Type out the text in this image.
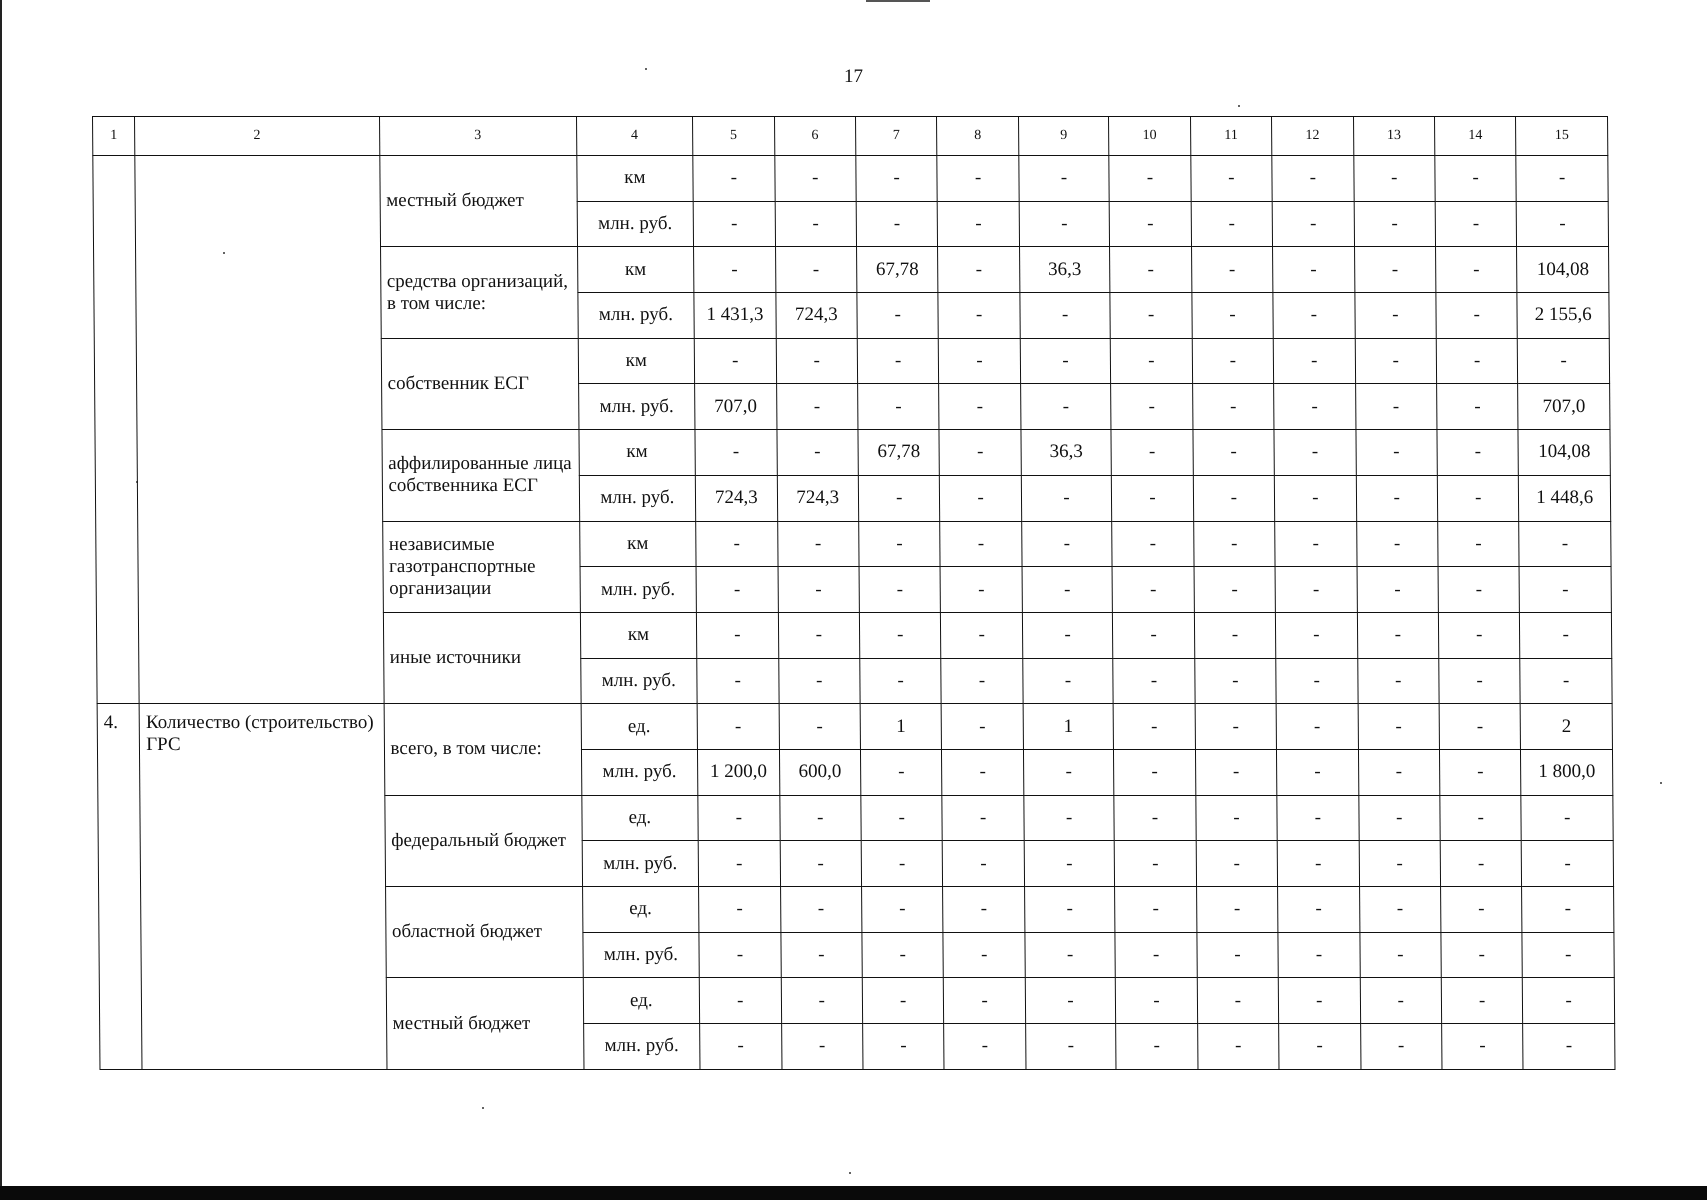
17
1	2	3	4	5	6	7	8	9	10	11	12	13	14	15
		местный бюджет	км	-	-	-	-	-	-	-	-	-	-	-
			млн. руб.	-	-	-	-	-	-	-	-	-	-	-
		средства организаций, в том числе:	км	-	-	67,78	-	36,3	-	-	-	-	-	104,08
			млн. руб.	1 431,3	724,3	-	-	-	-	-	-	-	-	2 155,6
		собственник ЕСГ	км	-	-	-	-	-	-	-	-	-	-	-
			млн. руб.	707,0	-	-	-	-	-	-	-	-	-	707,0
		аффилированные лица собственника ЕСГ	км	-	-	67,78	-	36,3	-	-	-	-	-	104,08
			млн. руб.	724,3	724,3	-	-	-	-	-	-	-	-	1 448,6
		независимые газотранспортные организации	км	-	-	-	-	-	-	-	-	-	-	-
			млн. руб.	-	-	-	-	-	-	-	-	-	-	-
		иные источники	км	-	-	-	-	-	-	-	-	-	-	-
			млн. руб.	-	-	-	-	-	-	-	-	-	-	-
4.	Количество (строительство) ГРС	всего, в том числе:	ед.	-	-	1	-	1	-	-	-	-	-	2
			млн. руб.	1 200,0	600,0	-	-	-	-	-	-	-	-	1 800,0
		федеральный бюджет	ед.	-	-	-	-	-	-	-	-	-	-	-
			млн. руб.	-	-	-	-	-	-	-	-	-	-	-
		областной бюджет	ед.	-	-	-	-	-	-	-	-	-	-	-
			млн. руб.	-	-	-	-	-	-	-	-	-	-	-
		местный бюджет	ед.	-	-	-	-	-	-	-	-	-	-	-
			млн. руб.	-	-	-	-	-	-	-	-	-	-	-
